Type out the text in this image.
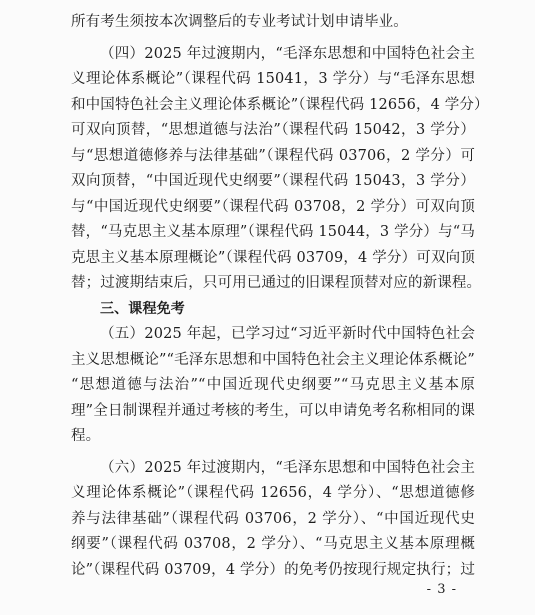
所有考生须按本次调整后的专业考试计划申请毕业。
（四）2025 年过渡期内，“毛泽东思想和中国特色社会主
义理论体系概论”（课程代码 15041，3 学分）与“毛泽东思想
和中国特色社会主义理论体系概论”（课程代码 12656，4 学分）
可双向顶替，“思想道德与法治”（课程代码 15042，3 学分）
与“思想道德修养与法律基础”（课程代码 03706，2 学分）可
双向顶替，“中国近现代史纲要”（课程代码 15043，3 学分）
与“中国近现代史纲要”（课程代码 03708，2 学分）可双向顶
替，“马克思主义基本原理”（课程代码 15044，3 学分）与“马
克思主义基本原理概论”（课程代码 03709，4 学分）可双向顶
替；过渡期结束后，只可用已通过的旧课程顶替对应的新课程。
三、课程免考
（五）2025 年起，已学习过“习近平新时代中国特色社会
主义思想概论”“毛泽东思想和中国特色社会主义理论体系概论”
“思想道德与法治”“中国近现代史纲要”“马克思主义基本原
理”全日制课程并通过考核的考生，可以申请免考名称相同的课
程。
（六）2025 年过渡期内，“毛泽东思想和中国特色社会主
义理论体系概论”（课程代码 12656，4 学分）、“思想道德修
养与法律基础”（课程代码 03706，2 学分）、“中国近现代史
纲要”（课程代码 03708，2 学分）、“马克思主义基本原理概
论”（课程代码 03709，4 学分）的免考仍按现行规定执行；过
- 3 -
